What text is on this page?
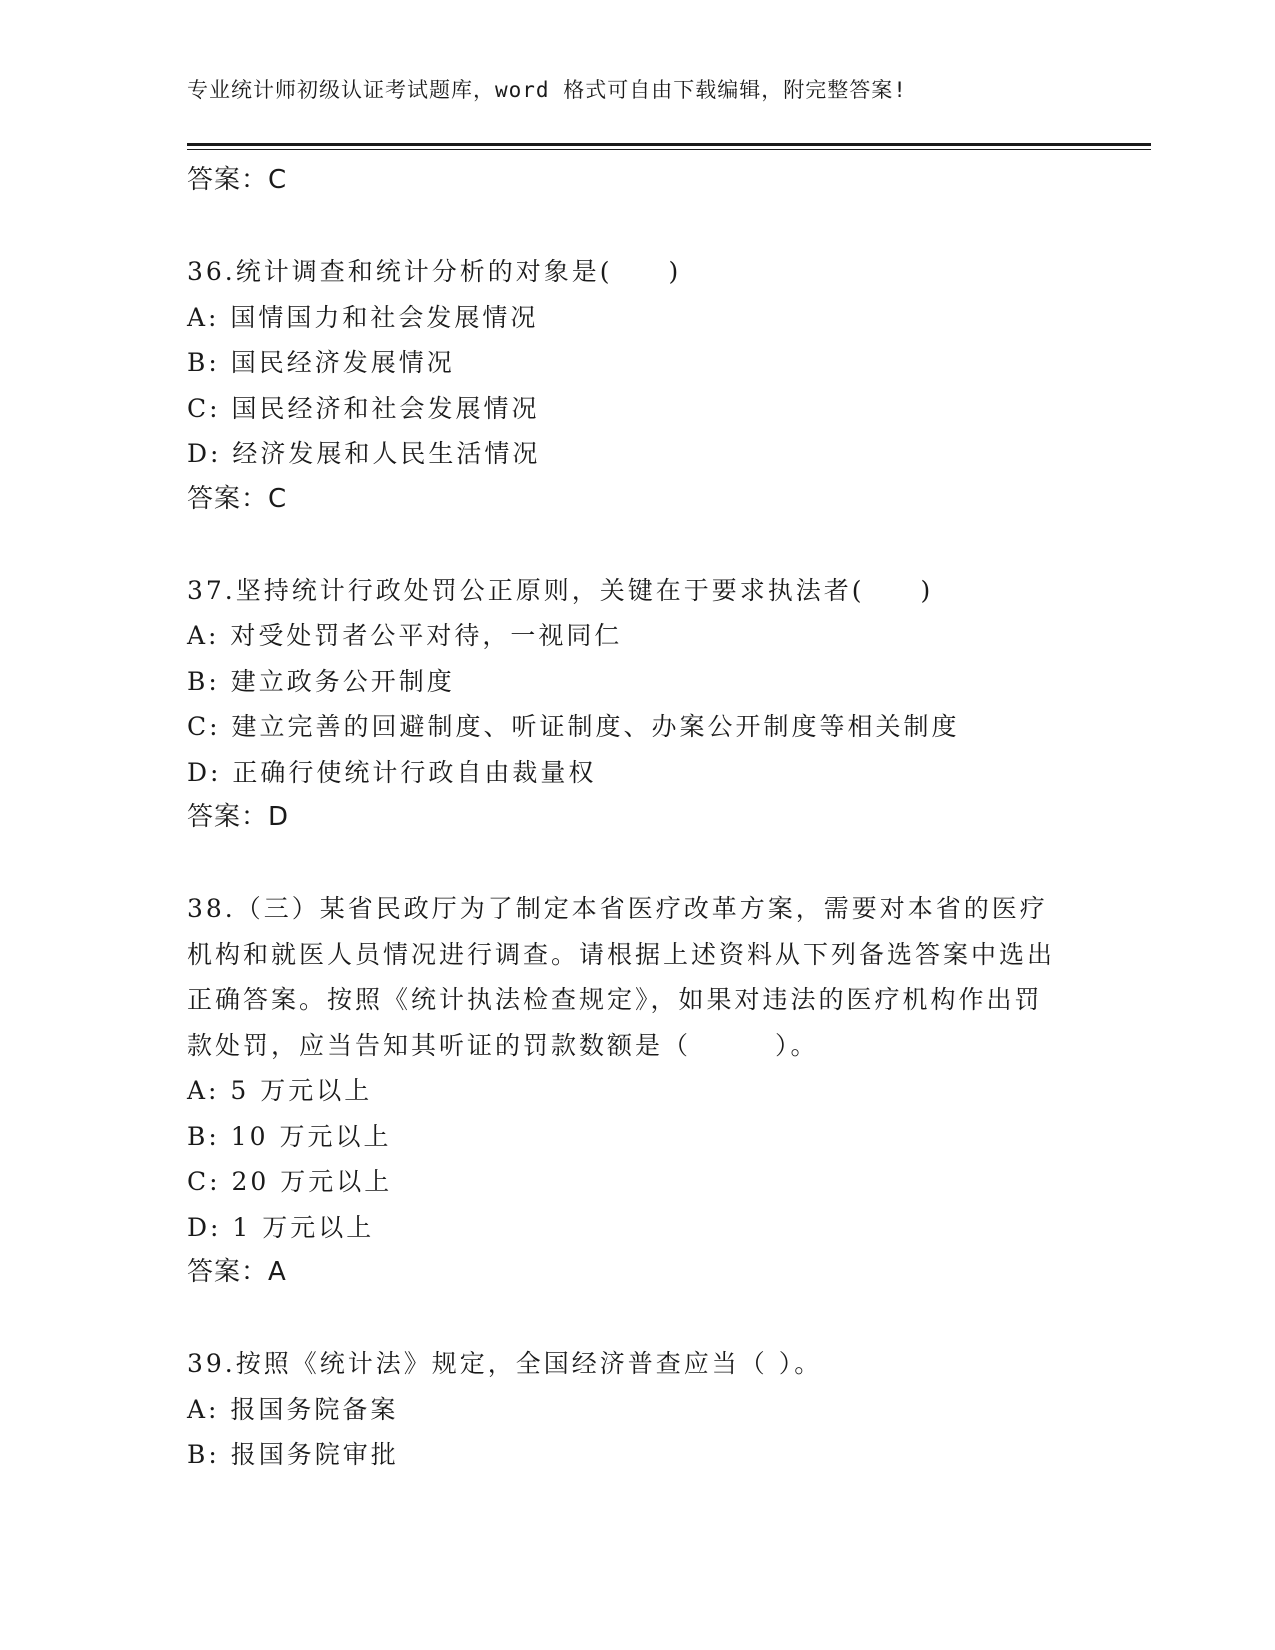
专业统计师初级认证考试题库，word 格式可自由下载编辑，附完整答案!
答案：C
36.统计调查和统计分析的对象是(　　)
A: 国情国力和社会发展情况
B: 国民经济发展情况
C: 国民经济和社会发展情况
D: 经济发展和人民生活情况
答案：C
37.坚持统计行政处罚公正原则，关键在于要求执法者(　　)
A: 对受处罚者公平对待，一视同仁
B: 建立政务公开制度
C: 建立完善的回避制度、听证制度、办案公开制度等相关制度
D: 正确行使统计行政自由裁量权
答案：D
38.（三）某省民政厅为了制定本省医疗改革方案，需要对本省的医疗机构和就医人员情况进行调查。请根据上述资料从下列备选答案中选出正确答案。按照《统计执法检查规定》，如果对违法的医疗机构作出罚款处罚，应当告知其听证的罚款数额是（　　　）。
A: 5 万元以上
B: 10 万元以上
C: 20 万元以上
D: 1 万元以上
答案：A
39.按照《统计法》规定，全国经济普查应当（ ）。
A: 报国务院备案
B: 报国务院审批
